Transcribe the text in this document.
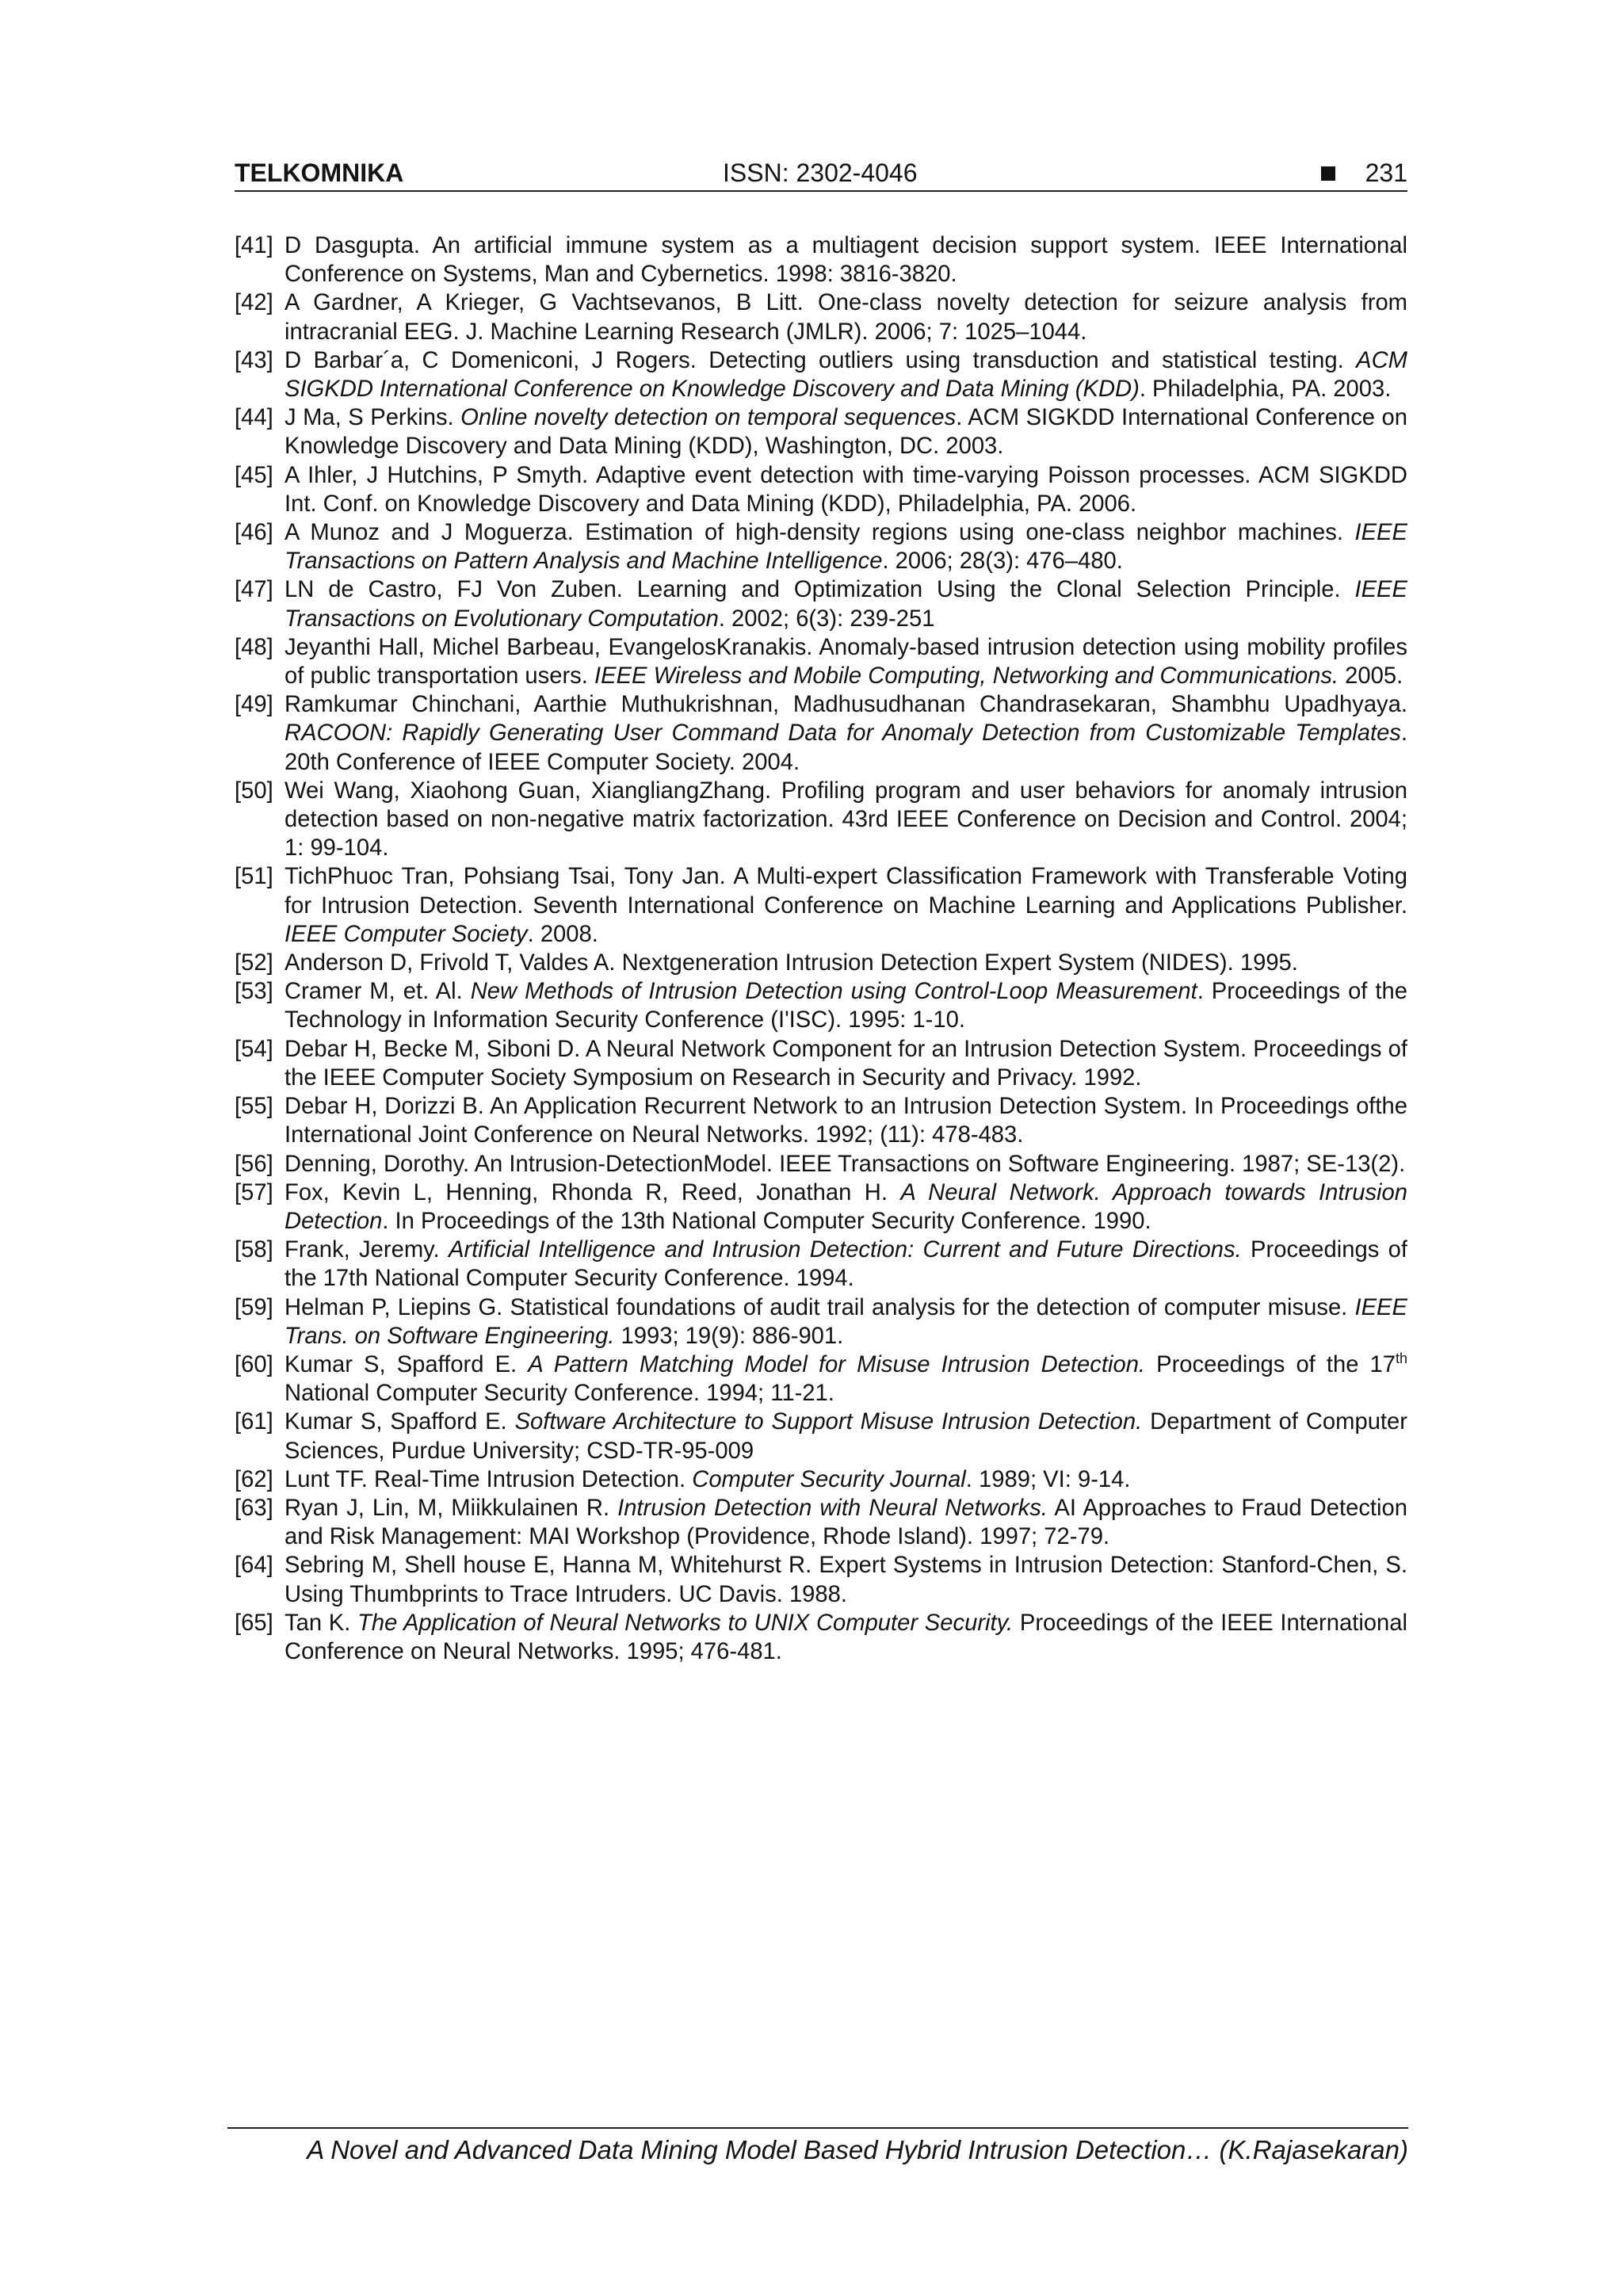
TELKOMNIKA	ISSN: 2302-4046	231
[41] D Dasgupta. An artificial immune system as a multiagent decision support system. IEEE International Conference on Systems, Man and Cybernetics. 1998: 3816-3820.
[42] A Gardner, A Krieger, G Vachtsevanos, B Litt. One-class novelty detection for seizure analysis from intracranial EEG. J. Machine Learning Research (JMLR). 2006; 7: 1025–1044.
[43] D Barbar´a, C Domeniconi, J Rogers. Detecting outliers using transduction and statistical testing. ACM SIGKDD International Conference on Knowledge Discovery and Data Mining (KDD). Philadelphia, PA. 2003.
[44] J Ma, S Perkins. Online novelty detection on temporal sequences. ACM SIGKDD International Conference on Knowledge Discovery and Data Mining (KDD), Washington, DC. 2003.
[45] A Ihler, J Hutchins, P Smyth. Adaptive event detection with time-varying Poisson processes. ACM SIGKDD Int. Conf. on Knowledge Discovery and Data Mining (KDD), Philadelphia, PA. 2006.
[46] A Munoz and J Moguerza. Estimation of high-density regions using one-class neighbor machines. IEEE Transactions on Pattern Analysis and Machine Intelligence. 2006; 28(3): 476–480.
[47] LN de Castro, FJ Von Zuben. Learning and Optimization Using the Clonal Selection Principle. IEEE Transactions on Evolutionary Computation. 2002; 6(3): 239-251
[48] Jeyanthi Hall, Michel Barbeau, EvangelosKranakis. Anomaly-based intrusion detection using mobility profiles of public transportation users. IEEE Wireless and Mobile Computing, Networking and Communications. 2005.
[49] Ramkumar Chinchani, Aarthie Muthukrishnan, Madhusudhanan Chandrasekaran, Shambhu Upadhyaya. RACOON: Rapidly Generating User Command Data for Anomaly Detection from Customizable Templates. 20th Conference of IEEE Computer Society. 2004.
[50] Wei Wang, Xiaohong Guan, XiangliangZhang. Profiling program and user behaviors for anomaly intrusion detection based on non-negative matrix factorization. 43rd IEEE Conference on Decision and Control. 2004; 1: 99-104.
[51] TichPhuoc Tran, Pohsiang Tsai, Tony Jan. A Multi-expert Classification Framework with Transferable Voting for Intrusion Detection. Seventh International Conference on Machine Learning and Applications Publisher. IEEE Computer Society. 2008.
[52] Anderson D, Frivold T, Valdes A. Nextgeneration Intrusion Detection Expert System (NIDES). 1995.
[53] Cramer M, et. Al. New Methods of Intrusion Detection using Control-Loop Measurement. Proceedings of the Technology in Information Security Conference (I'ISC). 1995: 1-10.
[54] Debar H, Becke M, Siboni D. A Neural Network Component for an Intrusion Detection System. Proceedings of the IEEE Computer Society Symposium on Research in Security and Privacy. 1992.
[55] Debar H, Dorizzi B. An Application Recurrent Network to an Intrusion Detection System. In Proceedings ofthe International Joint Conference on Neural Networks. 1992; (11): 478-483.
[56] Denning, Dorothy. An Intrusion-DetectionModel. IEEE Transactions on Software Engineering. 1987; SE-13(2).
[57] Fox, Kevin L, Henning, Rhonda R, Reed, Jonathan H. A Neural Network. Approach towards Intrusion Detection. In Proceedings of the 13th National Computer Security Conference. 1990.
[58] Frank, Jeremy. Artificial Intelligence and Intrusion Detection: Current and Future Directions. Proceedings of the 17th National Computer Security Conference. 1994.
[59] Helman P, Liepins G. Statistical foundations of audit trail analysis for the detection of computer misuse. IEEE Trans. on Software Engineering. 1993; 19(9): 886-901.
[60] Kumar S, Spafford E. A Pattern Matching Model for Misuse Intrusion Detection. Proceedings of the 17th National Computer Security Conference. 1994; 11-21.
[61] Kumar S, Spafford E. Software Architecture to Support Misuse Intrusion Detection. Department of Computer Sciences, Purdue University; CSD-TR-95-009
[62] Lunt TF. Real-Time Intrusion Detection. Computer Security Journal. 1989; VI: 9-14.
[63] Ryan J, Lin, M, Miikkulainen R. Intrusion Detection with Neural Networks. AI Approaches to Fraud Detection and Risk Management: MAI Workshop (Providence, Rhode Island). 1997; 72-79.
[64] Sebring M, Shell house E, Hanna M, Whitehurst R. Expert Systems in Intrusion Detection: Stanford-Chen, S. Using Thumbprints to Trace Intruders. UC Davis. 1988.
[65] Tan K. The Application of Neural Networks to UNIX Computer Security. Proceedings of the IEEE International Conference on Neural Networks. 1995; 476-481.
A Novel and Advanced Data Mining Model Based Hybrid Intrusion Detection… (K.Rajasekaran)
